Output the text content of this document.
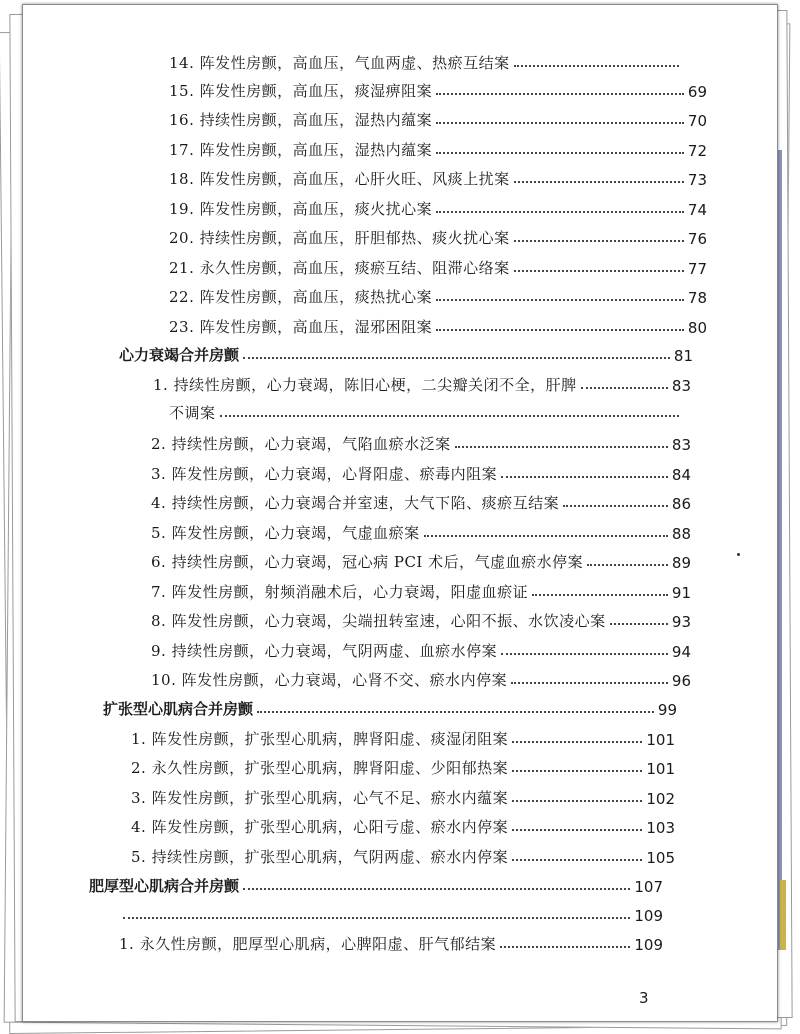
14. 阵发性房颤，高血压，气血两虚、热瘀互结案
15. 阵发性房颤，高血压，痰湿痹阻案	69
16. 持续性房颤，高血压，湿热内蕴案	70
17. 阵发性房颤，高血压，湿热内蕴案	72
18. 阵发性房颤，高血压，心肝火旺、风痰上扰案	73
19. 阵发性房颤，高血压，痰火扰心案	74
20. 持续性房颤，高血压，肝胆郁热、痰火扰心案	76
21. 永久性房颤，高血压，痰瘀互结、阻滞心络案	77
22. 阵发性房颤，高血压，痰热扰心案	78
23. 阵发性房颤，高血压，湿邪困阻案	80
心力衰竭合并房颤	81
1. 持续性房颤，心力衰竭，陈旧心梗，二尖瓣关闭不全，肝脾	83
不调案
2. 持续性房颤，心力衰竭，气陷血瘀水泛案	83
3. 阵发性房颤，心力衰竭，心肾阳虚、瘀毒内阻案	84
4. 持续性房颤，心力衰竭合并室速，大气下陷、痰瘀互结案	86
5. 阵发性房颤，心力衰竭，气虚血瘀案	88
6. 持续性房颤，心力衰竭，冠心病 PCI 术后，气虚血瘀水停案	89
7. 阵发性房颤，射频消融术后，心力衰竭，阳虚血瘀证	91
8. 阵发性房颤，心力衰竭，尖端扭转室速，心阳不振、水饮凌心案	93
9. 持续性房颤，心力衰竭，气阴两虚、血瘀水停案	94
10. 阵发性房颤，心力衰竭，心肾不交、瘀水内停案	96
扩张型心肌病合并房颤	99
1. 阵发性房颤，扩张型心肌病，脾肾阳虚、痰湿闭阻案	101
2. 永久性房颤，扩张型心肌病，脾肾阳虚、少阳郁热案	101
3. 阵发性房颤，扩张型心肌病，心气不足、瘀水内蕴案	102
4. 阵发性房颤，扩张型心肌病，心阳亏虚、瘀水内停案	103
5. 持续性房颤，扩张型心肌病，气阴两虚、瘀水内停案	105
肥厚型心肌病合并房颤	107
109
1. 永久性房颤，肥厚型心肌病，心脾阳虚、肝气郁结案	109
3
